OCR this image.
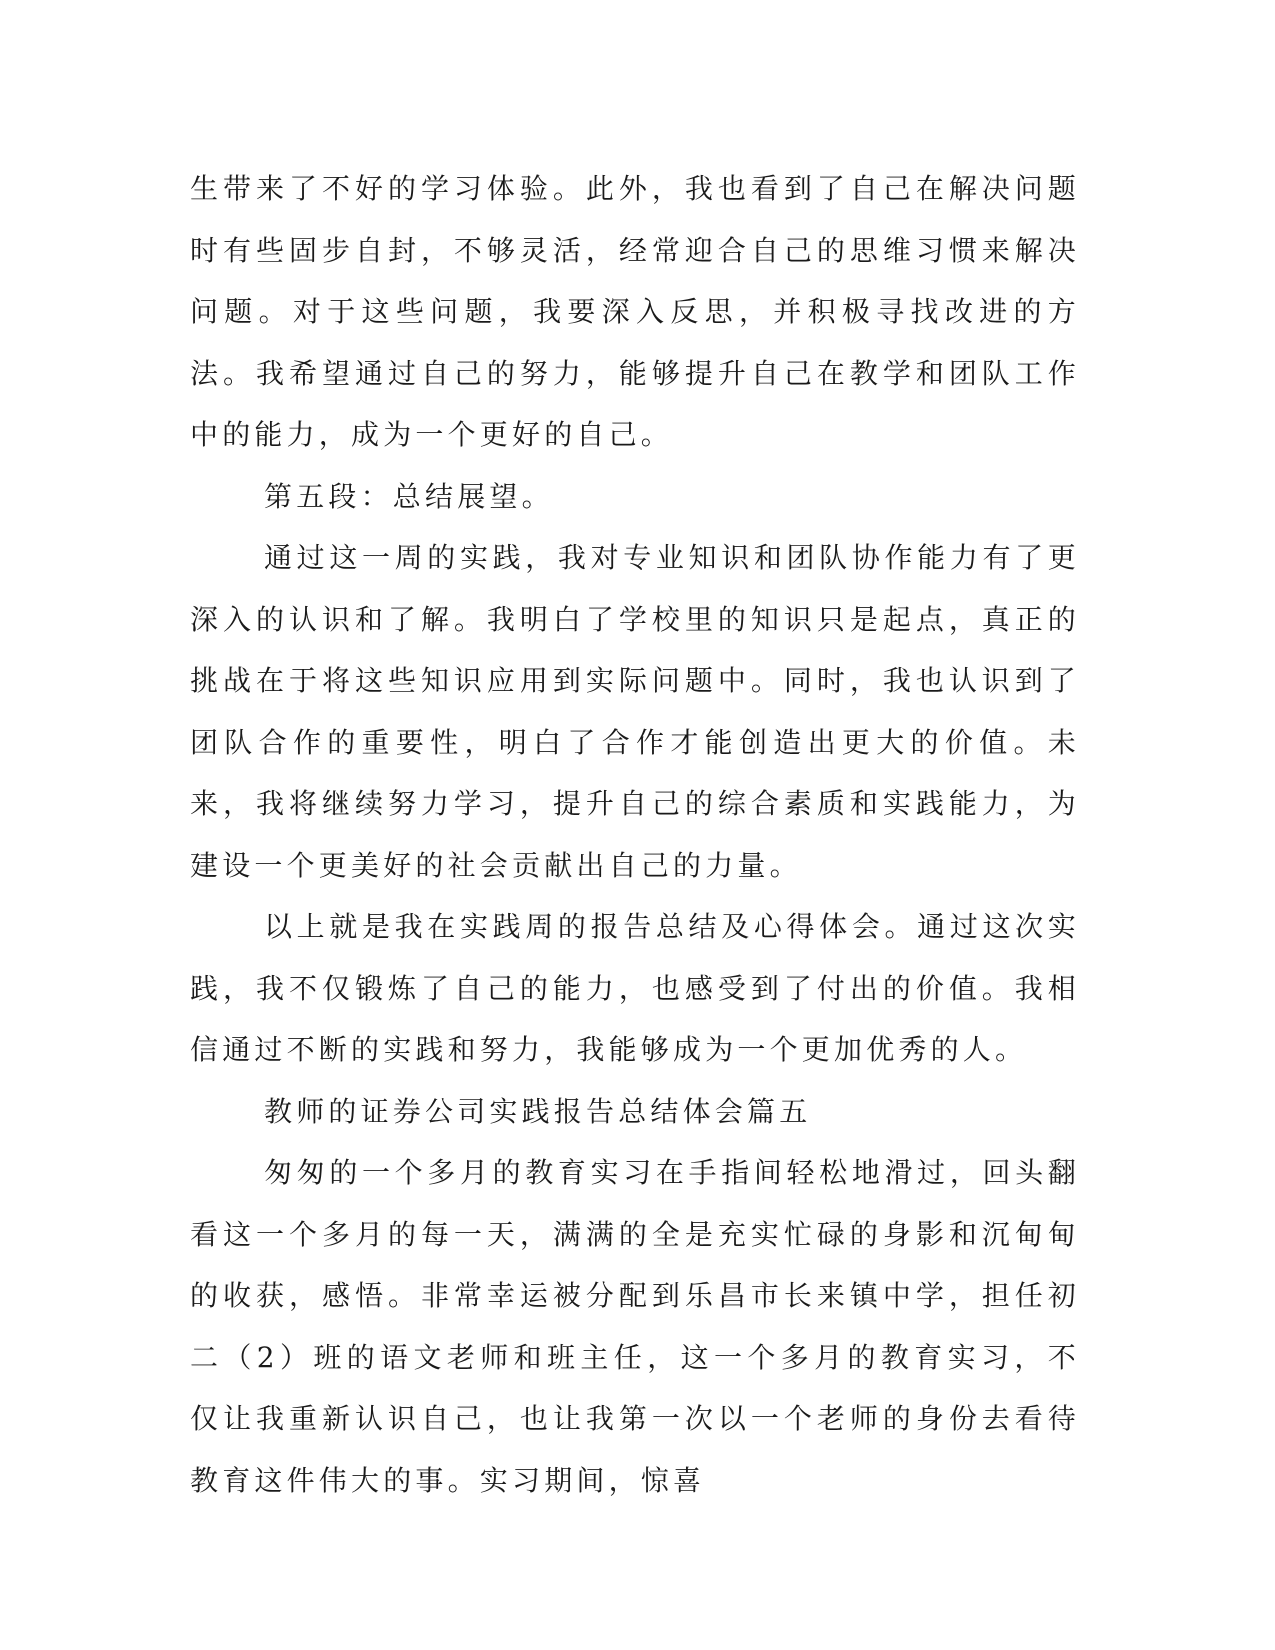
生带来了不好的学习体验。此外，我也看到了自己在解决问题时有些固步自封，不够灵活，经常迎合自己的思维习惯来解决问题。对于这些问题，我要深入反思，并积极寻找改进的方法。我希望通过自己的努力，能够提升自己在教学和团队工作中的能力，成为一个更好的自己。

第五段：总结展望。

通过这一周的实践，我对专业知识和团队协作能力有了更深入的认识和了解。我明白了学校里的知识只是起点，真正的挑战在于将这些知识应用到实际问题中。同时，我也认识到了团队合作的重要性，明白了合作才能创造出更大的价值。未来，我将继续努力学习，提升自己的综合素质和实践能力，为建设一个更美好的社会贡献出自己的力量。

以上就是我在实践周的报告总结及心得体会。通过这次实践，我不仅锻炼了自己的能力，也感受到了付出的价值。我相信通过不断的实践和努力，我能够成为一个更加优秀的人。

教师的证券公司实践报告总结体会篇五

匆匆的一个多月的教育实习在手指间轻松地滑过，回头翻看这一个多月的每一天，满满的全是充实忙碌的身影和沉甸甸的收获，感悟。非常幸运被分配到乐昌市长来镇中学，担任初二（2）班的语文老师和班主任，这一个多月的教育实习，不仅让我重新认识自己，也让我第一次以一个老师的身份去看待教育这件伟大的事。实习期间，惊喜
